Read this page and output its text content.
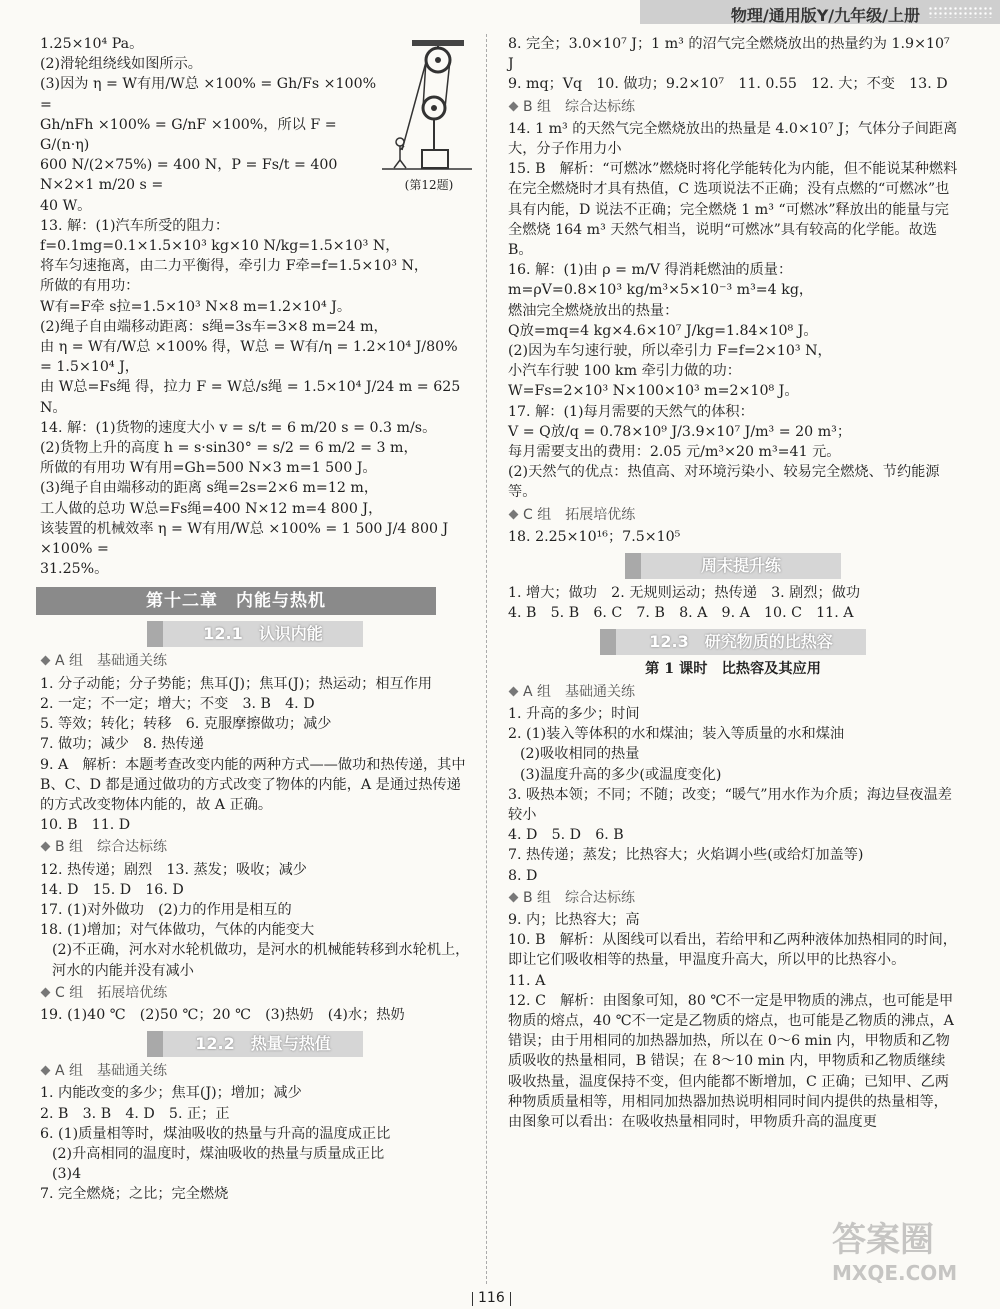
物理/通用版Y/九年级/上册
(第12题)

1.25×10⁴ Pa。

(2)滑轮组绕线如图所示。

(3)因为 η = W有用/W总 ×100% = Gh/Fs ×100% =

Gh/nFh ×100% = G/nF ×100%，所以 F = G/(n·η)

600 N/(2×75%) = 400 N，P = Fs/t = 400 N×2×1 m/20 s =

40 W。

13. 解：(1)汽车所受的阻力：

f=0.1mg=0.1×1.5×10³ kg×10 N/kg=1.5×10³ N，

将车匀速拖离，由二力平衡得，牵引力 F牵=f=1.5×10³ N，

所做的有用功：

W有=F牵 s拉=1.5×10³ N×8 m=1.2×10⁴ J。

(2)绳子自由端移动距离：s绳=3s车=3×8 m=24 m，

由 η = W有/W总 ×100% 得，W总 = W有/η = 1.2×10⁴ J/80% = 1.5×10⁴ J，

由 W总=Fs绳 得，拉力 F = W总/s绳 = 1.5×10⁴ J/24 m = 625 N。

14. 解：(1)货物的速度大小 v = s/t = 6 m/20 s = 0.3 m/s。

(2)货物上升的高度 h = s·sin30° = s/2 = 6 m/2 = 3 m，

所做的有用功 W有用=Gh=500 N×3 m=1 500 J。

(3)绳子自由端移动的距离 s绳=2s=2×6 m=12 m，

工人做的总功 W总=Fs绳=400 N×12 m=4 800 J，

该装置的机械效率 η = W有用/W总 ×100% = 1 500 J/4 800 J ×100% =

31.25%。

第十二章　内能与热机
12.1　认识内能
A 组　基础通关练

1. 分子动能；分子势能；焦耳(J)；焦耳(J)；热运动；相互作用

2. 一定；不一定；增大；不变　3. B　4. D

5. 等效；转化；转移　6. 克服摩擦做功；减少

7. 做功；减少　8. 热传递

9. A　解析：本题考查改变内能的两种方式——做功和热传递，其中 B、C、D 都是通过做功的方式改变了物体的内能，A 是通过热传递的方式改变物体内能的，故 A 正确。

10. B　11. D

B 组　综合达标练

12. 热传递；剧烈　13. 蒸发；吸收；减少

14. D　15. D　16. D

17. (1)对外做功　(2)力的作用是相互的

18. (1)增加；对气体做功，气体的内能变大

(2)不正确，河水对水轮机做功，是河水的机械能转移到水轮机上，河水的内能并没有减小

C 组　拓展培优练

19. (1)40 ℃　(2)50 ℃；20 ℃　(3)热奶　(4)水；热奶

12.2　热量与热值
A 组　基础通关练

1. 内能改变的多少；焦耳(J)；增加；减少

2. B　3. B　4. D　5. 正；正

6. (1)质量相等时，煤油吸收的热量与升高的温度成正比

(2)升高相同的温度时，煤油吸收的热量与质量成正比

(3)4

7. 完全燃烧；之比；完全燃烧

8. 完全；3.0×10⁷ J；1 m³ 的沼气完全燃烧放出的热量约为 1.9×10⁷ J

9. mq；Vq　10. 做功；9.2×10⁷　11. 0.55　12. 大；不变　13. D

B 组　综合达标练

14. 1 m³ 的天然气完全燃烧放出的热量是 4.0×10⁷ J；气体分子间距离大，分子作用力小

15. B　解析：“可燃冰”燃烧时将化学能转化为内能，但不能说某种燃料在完全燃烧时才具有热值，C 选项说法不正确；没有点燃的“可燃冰”也具有内能，D 说法不正确；完全燃烧 1 m³ “可燃冰”释放出的能量与完全燃烧 164 m³ 天然气相当，说明“可燃冰”具有较高的化学能。故选 B。

16. 解：(1)由 ρ = m/V 得消耗燃油的质量：

m=ρV=0.8×10³ kg/m³×5×10⁻³ m³=4 kg，

燃油完全燃烧放出的热量：

Q放=mq=4 kg×4.6×10⁷ J/kg=1.84×10⁸ J。

(2)因为车匀速行驶，所以牵引力 F=f=2×10³ N，

小汽车行驶 100 km 牵引力做的功：

W=Fs=2×10³ N×100×10³ m=2×10⁸ J。

17. 解：(1)每月需要的天然气的体积：

V = Q放/q = 0.78×10⁹ J/3.9×10⁷ J/m³ = 20 m³；

每月需要支出的费用：2.05 元/m³×20 m³=41 元。

(2)天然气的优点：热值高、对环境污染小、较易完全燃烧、节约能源等。

C 组　拓展培优练

18. 2.25×10¹⁶；7.5×10⁵

周末提升练

1. 增大；做功　2. 无规则运动；热传递　3. 剧烈；做功

4. B　5. B　6. C　7. B　8. A　9. A　10. C　11. A

12.3　研究物质的比热容
第 1 课时　比热容及其应用
A 组　基础通关练

1. 升高的多少；时间

2. (1)装入等体积的水和煤油；装入等质量的水和煤油

(2)吸收相同的热量

(3)温度升高的多少(或温度变化)

3. 吸热本领；不同；不随；改变；“暖气”用水作为介质；海边昼夜温差较小

4. D　5. D　6. B

7. 热传递；蒸发；比热容大；火焰调小些(或给灯加盖等)

8. D

B 组　综合达标练

9. 内；比热容大；高

10. B　解析：从图线可以看出，若给甲和乙两种液体加热相同的时间，即让它们吸收相等的热量，甲温度升高大，所以甲的比热容小。

11. A

12. C　解析：由图象可知，80 ℃不一定是甲物质的沸点，也可能是甲物质的熔点，40 ℃不一定是乙物质的熔点，也可能是乙物质的沸点，A 错误；由于用相同的加热器加热，所以在 0～6 min 内，甲物质和乙物质吸收的热量相同，B 错误；在 8～10 min 内，甲物质和乙物质继续吸收热量，温度保持不变，但内能都不断增加，C 正确；已知甲、乙两种物质质量相等，用相同加热器加热说明相同时间内提供的热量相等，由图象可以看出：在吸收热量相同时，甲物质升高的温度更

答案圈
MXQE.COM
116
